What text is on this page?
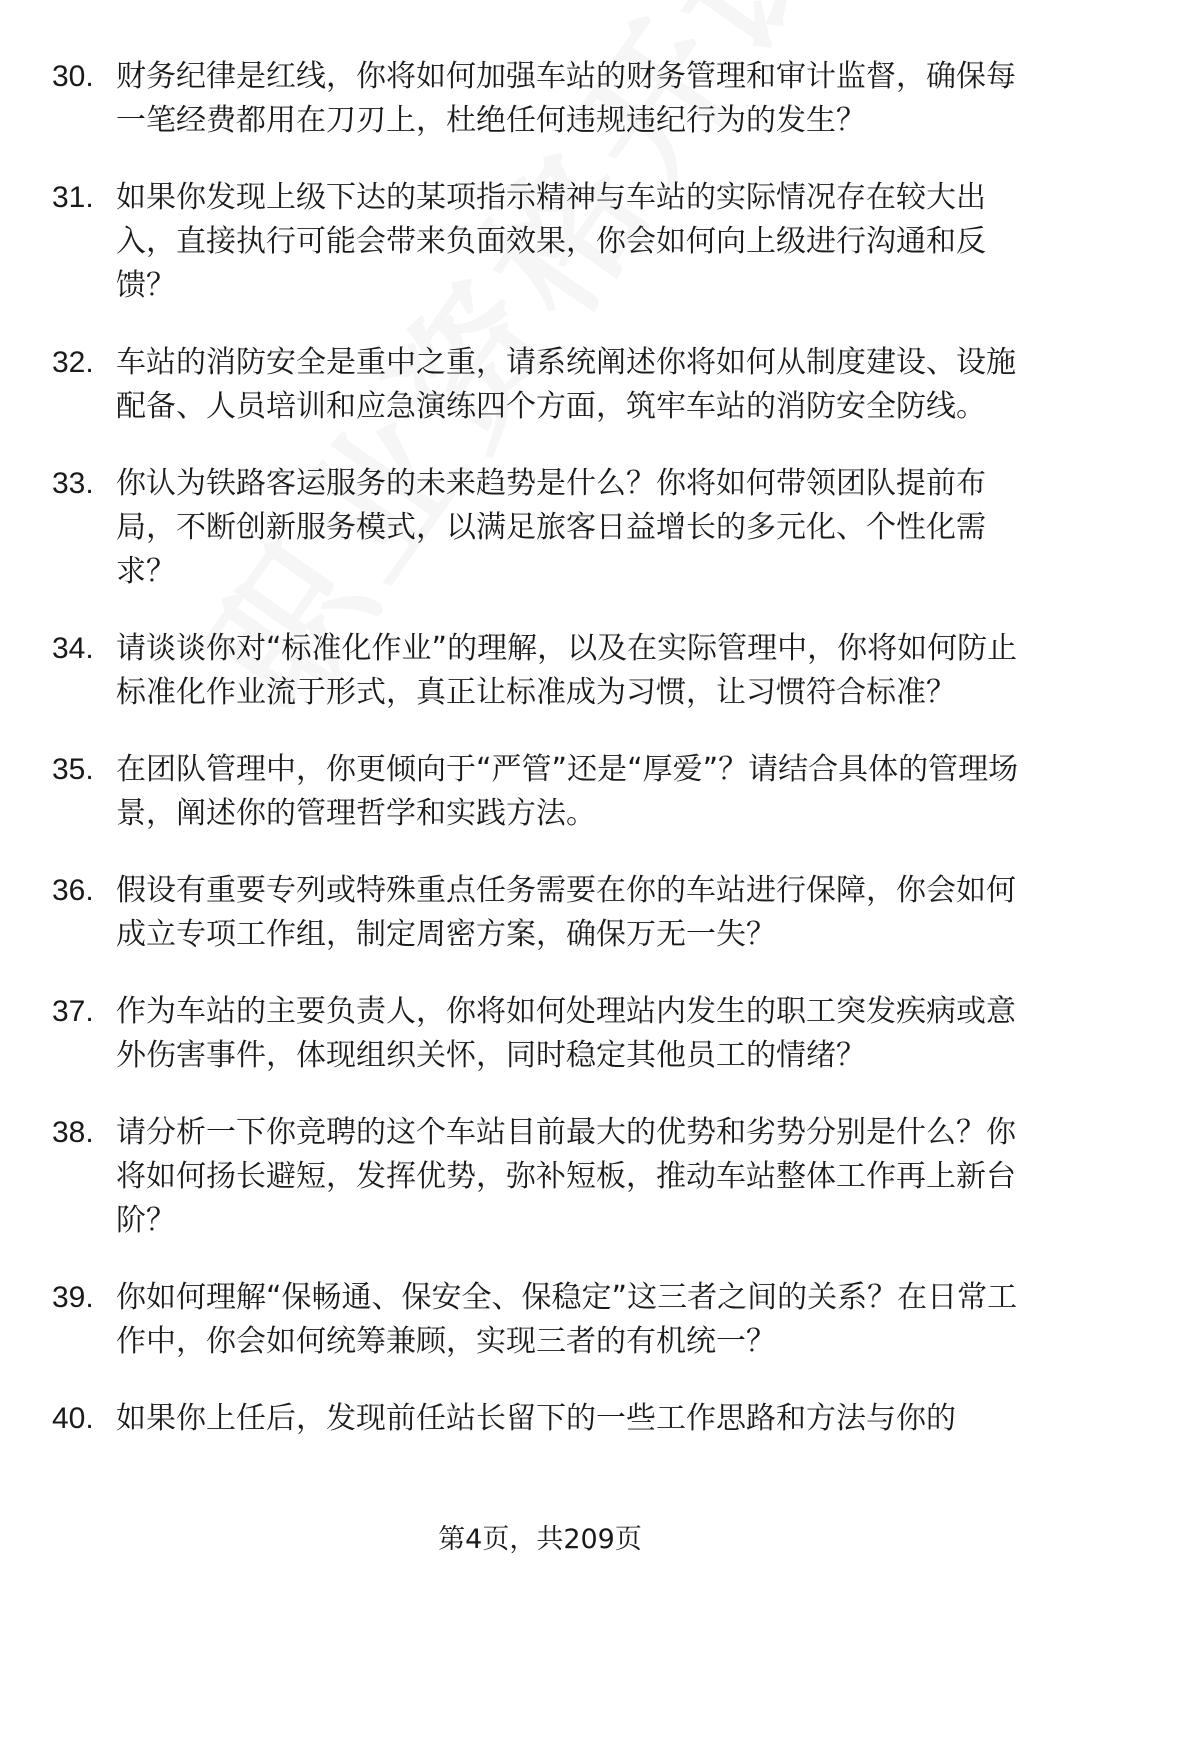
30. 财务纪律是红线，你将如何加强车站的财务管理和审计监督，确保每一笔经费都用在刀刃上，杜绝任何违规违纪行为的发生？
31. 如果你发现上级下达的某项指示精神与车站的实际情况存在较大出入，直接执行可能会带来负面效果，你会如何向上级进行沟通和反馈？
32. 车站的消防安全是重中之重，请系统阐述你将如何从制度建设、设施配备、人员培训和应急演练四个方面，筑牢车站的消防安全防线。
33. 你认为铁路客运服务的未来趋势是什么？你将如何带领团队提前布局，不断创新服务模式，以满足旅客日益增长的多元化、个性化需求？
34. 请谈谈你对“标准化作业”的理解，以及在实际管理中，你将如何防止标准化作业流于形式，真正让标准成为习惯，让习惯符合标准？
35. 在团队管理中，你更倾向于“严管”还是“厚爱”？请结合具体的管理场景，阐述你的管理哲学和实践方法。
36. 假设有重要专列或特殊重点任务需要在你的车站进行保障，你会如何成立专项工作组，制定周密方案，确保万无一失？
37. 作为车站的主要负责人，你将如何处理站内发生的职工突发疾病或意外伤害事件，体现组织关怀，同时稳定其他员工的情绪？
38. 请分析一下你竞聘的这个车站目前最大的优势和劣势分别是什么？你将如何扬长避短，发挥优势，弥补短板，推动车站整体工作再上新台阶？
39. 你如何理解“保畅通、保安全、保稳定”这三者之间的关系？在日常工作中，你会如何统筹兼顾，实现三者的有机统一？
40. 如果你上任后，发现前任站长留下的一些工作思路和方法与你的
第4页，共209页
